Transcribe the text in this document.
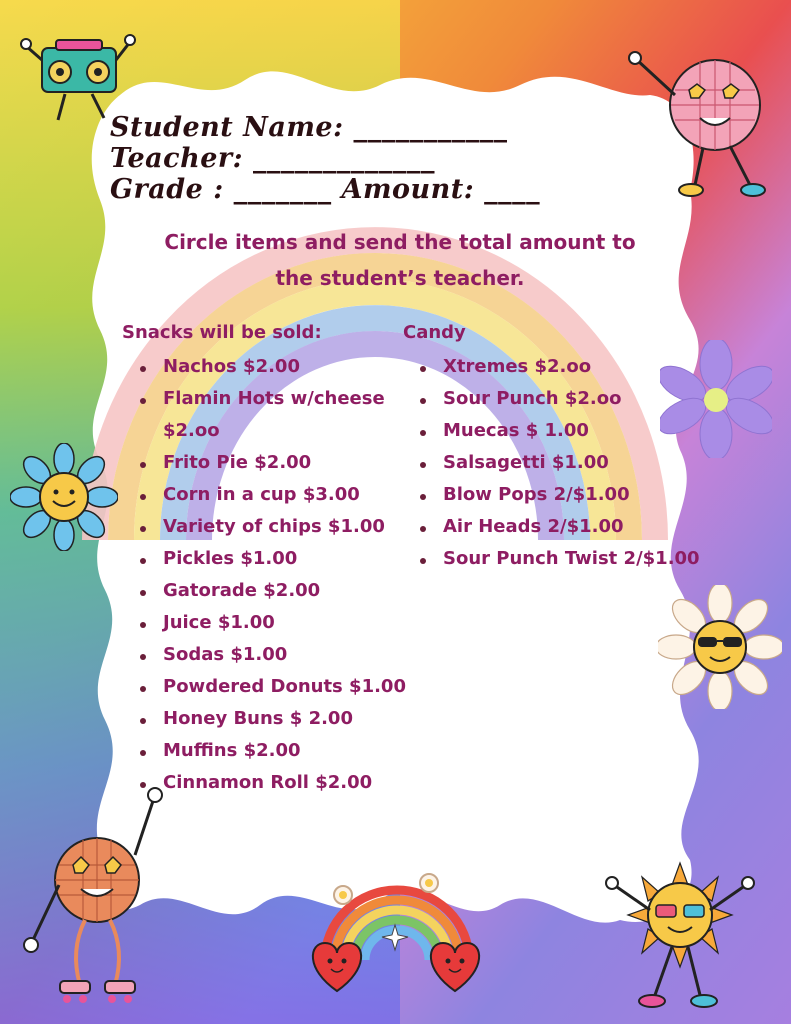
Student Name: ___________
Teacher: _____________
Grade : _______ Amount: ____
Circle items and send the total amount to
the student’s teacher.
Snacks will be sold:
Nachos $2.00
Flamin Hots w/cheese
$2.oo
Frito Pie $2.00
Corn in a cup $3.00
Variety of chips $1.00
Pickles $1.00
Gatorade $2.00
Juice $1.00
Sodas $1.00
Powdered Donuts $1.00
Honey Buns $ 2.00
Muffins $2.00
Cinnamon Roll $2.00
Candy
Xtremes $2.oo
Sour Punch $2.oo
Muecas $ 1.00
Salsagetti $1.00
Blow Pops 2/$1.00
Air Heads 2/$1.00
Sour Punch Twist 2/$1.00
